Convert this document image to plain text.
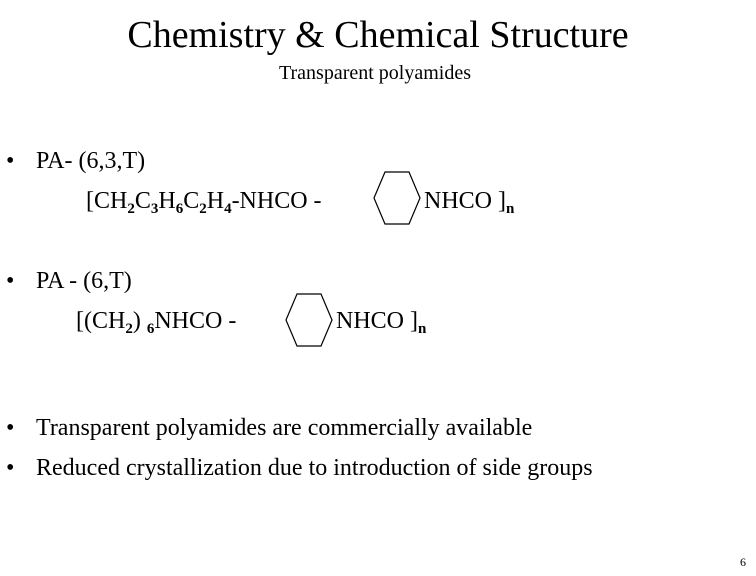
Chemistry & Chemical Structure
Transparent polyamides
• PA- (6,3,T)
[$CH_2C_3H_6C_2H_4$-NHCO -	NHCO ]$_n$
• PA - (6,T)
[$(CH_2)$ $_6$NHCO -	NHCO ]$_n$
• Transparent polyamides are commercially available
• Reduced crystallization due to introduction of side groups
6
